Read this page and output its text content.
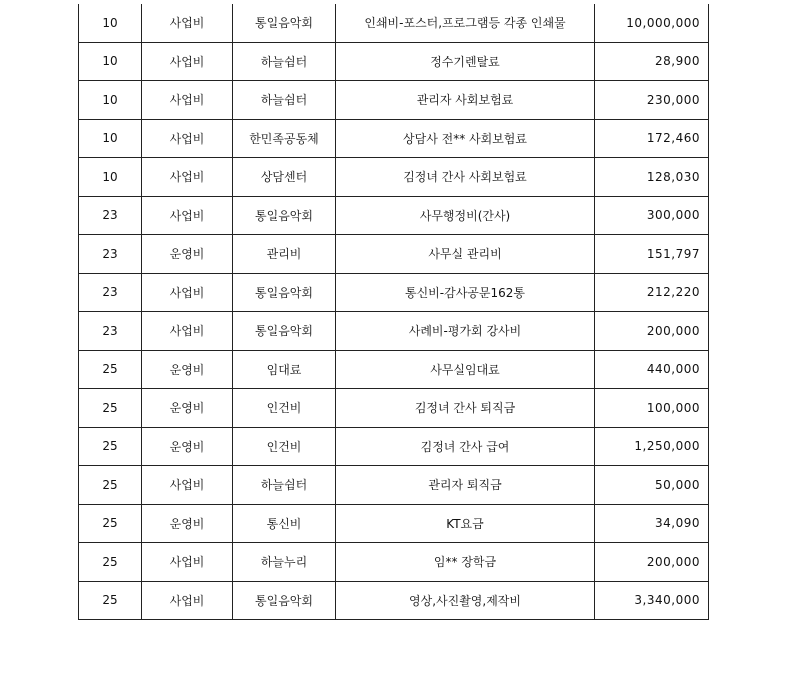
10	사업비	통일음악회	인쇄비-포스터,프로그램등 각종 인쇄물	10,000,000
10	사업비	하늘쉼터	정수기렌탈료	28,900
10	사업비	하늘쉼터	관리자 사회보험료	230,000
10	사업비	한민족공동체	상담사 전** 사회보험료	172,460
10	사업비	상담센터	김정녀 간사 사회보험료	128,030
23	사업비	통일음악회	사무행정비(간사)	300,000
23	운영비	관리비	사무실 관리비	151,797
23	사업비	통일음악회	통신비-감사공문162통	212,220
23	사업비	통일음악회	사례비-평가회 강사비	200,000
25	운영비	임대료	사무실임대료	440,000
25	운영비	인건비	김정녀 간사 퇴직금	100,000
25	운영비	인건비	김정녀 간사 급여	1,250,000
25	사업비	하늘쉼터	관리자 퇴직금	50,000
25	운영비	통신비	KT요금	34,090
25	사업비	하늘누리	임** 장학금	200,000
25	사업비	통일음악회	영상,사진촬영,제작비	3,340,000
